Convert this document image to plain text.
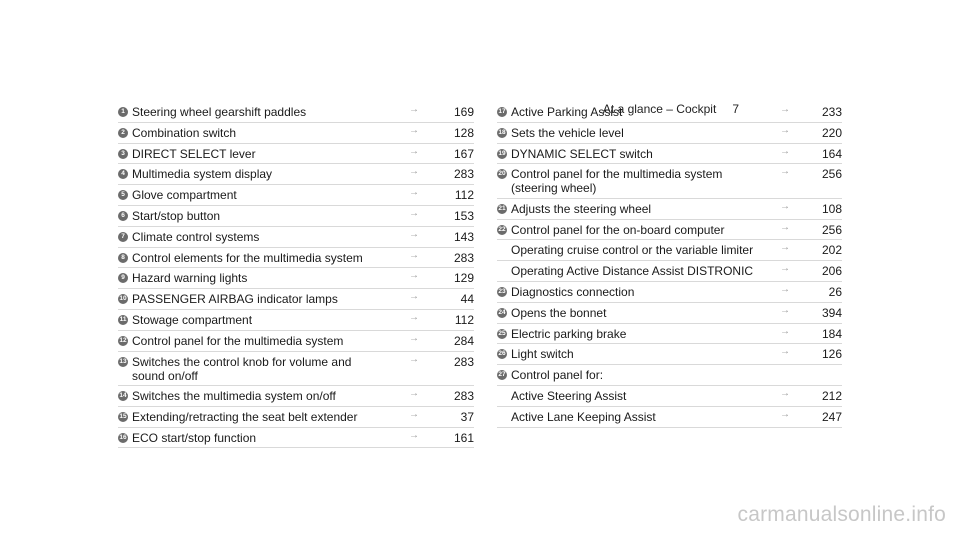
At a glance – Cockpit 7
1 Steering wheel gearshift paddles	→	169
2 Combination switch	→	128
3 DIRECT SELECT lever	→	167
4 Multimedia system display	→	283
5 Glove compartment	→	112
6 Start/stop button	→	153
7 Climate control systems	→	143
8 Control elements for the multimedia system	→	283
9 Hazard warning lights	→	129
10 PASSENGER AIRBAG indicator lamps	→	44
11 Stowage compartment	→	112
12 Control panel for the multimedia system	→	284
13 Switches the control knob for volume and
sound on/off
→	283
14 Switches the multimedia system on/off	→	283
15 Extending/retracting the seat belt extender	→	37
16 ECO start/stop function	→	161
17 Active Parking Assist	→	233
18 Sets the vehicle level	→	220
19 DYNAMIC SELECT switch	→	164
20 Control panel for the multimedia system
(steering wheel)
→	256
21 Adjusts the steering wheel	→	108
22 Control panel for the on-board computer	→	256
Operating cruise control or the variable limiter	→	202
Operating Active Distance Assist DISTRONIC	→	206
23 Diagnostics connection	→	26
24 Opens the bonnet	→	394
25 Electric parking brake	→	184
26 Light switch	→	126
27 Control panel for:
Active Steering Assist	→	212
Active Lane Keeping Assist	→	247
carmanualsonline.info
